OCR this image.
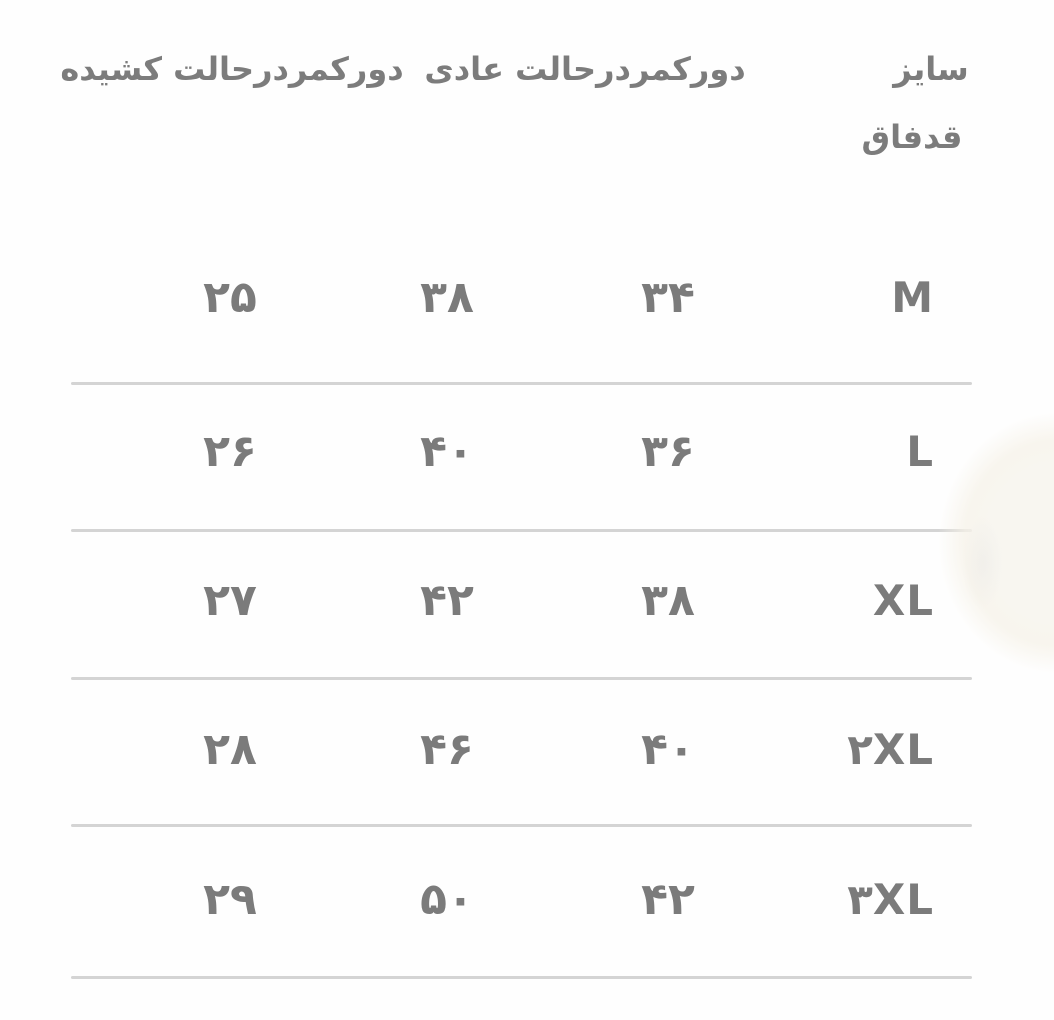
دورکمردرحالت کشیده دورکمردرحالت عادی	سایز
قدفاق
M
۳۴
۳۸
۲۵
L
۳۶
۴۰
۲۶
XL
۳۸
۴۲
۲۷
۲XL
۴۰
۴۶
۲۸
۳XL
۴۲
۵۰
۲۹
